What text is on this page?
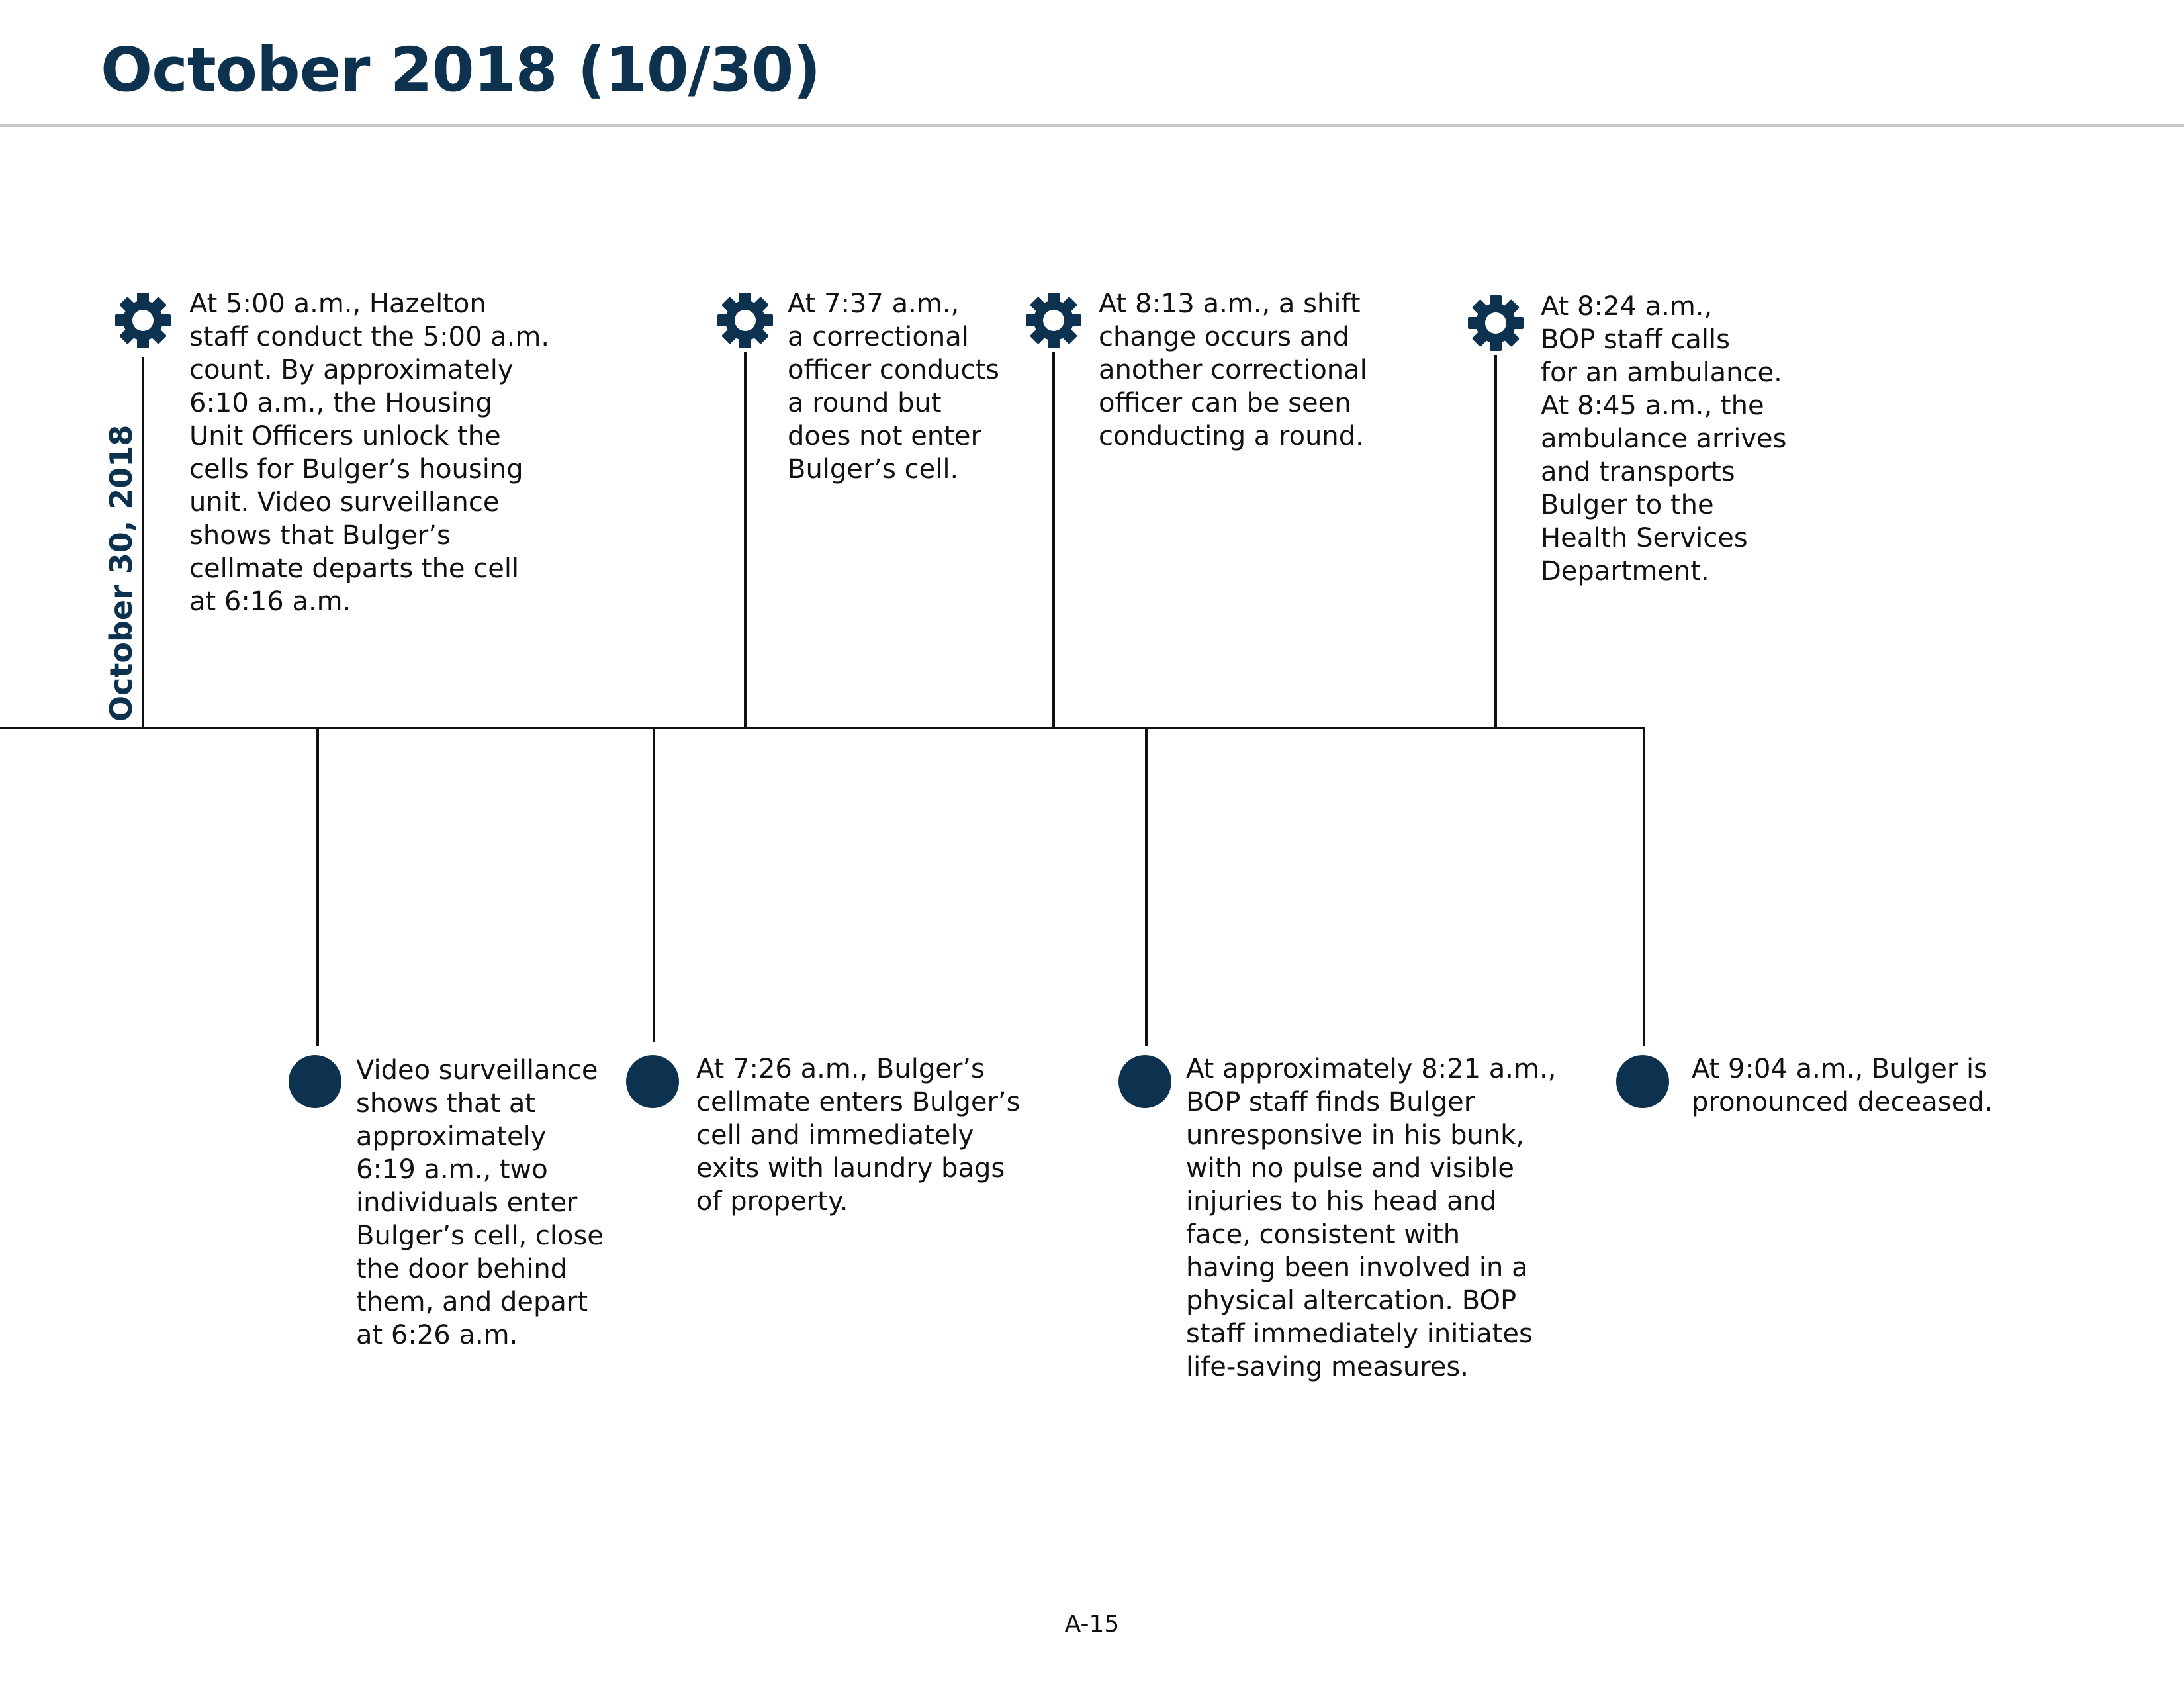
October 2018 (10/30)
October 30, 2018

At 5:00 a.m., Hazelton
staff conduct the 5:00 a.m.
count. By approximately
6:10 a.m., the Housing
Unit Officers unlock the
cells for Bulger’s housing
unit. Video surveillance
shows that Bulger’s
cellmate departs the cell
at 6:16 a.m.

At 7:37 a.m.,
a correctional
officer conducts
a round but
does not enter
Bulger’s cell.

At 8:13 a.m., a shift
change occurs and
another correctional
officer can be seen
conducting a round.

At 8:24 a.m.,
BOP staff calls
for an ambulance.
At 8:45 a.m., the
ambulance arrives
and transports
Bulger to the
Health Services
Department.

Video surveillance
shows that at
approximately
6:19 a.m., two
individuals enter
Bulger’s cell, close
the door behind
them, and depart
at 6:26 a.m.

At 7:26 a.m., Bulger’s
cellmate enters Bulger’s
cell and immediately
exits with laundry bags
of property.

At approximately 8:21 a.m.,
BOP staff finds Bulger
unresponsive in his bunk,
with no pulse and visible
injuries to his head and
face, consistent with
having been involved in a
physical altercation. BOP
staff immediately initiates
life-saving measures.

At 9:04 a.m., Bulger is
pronounced deceased.

A-15
